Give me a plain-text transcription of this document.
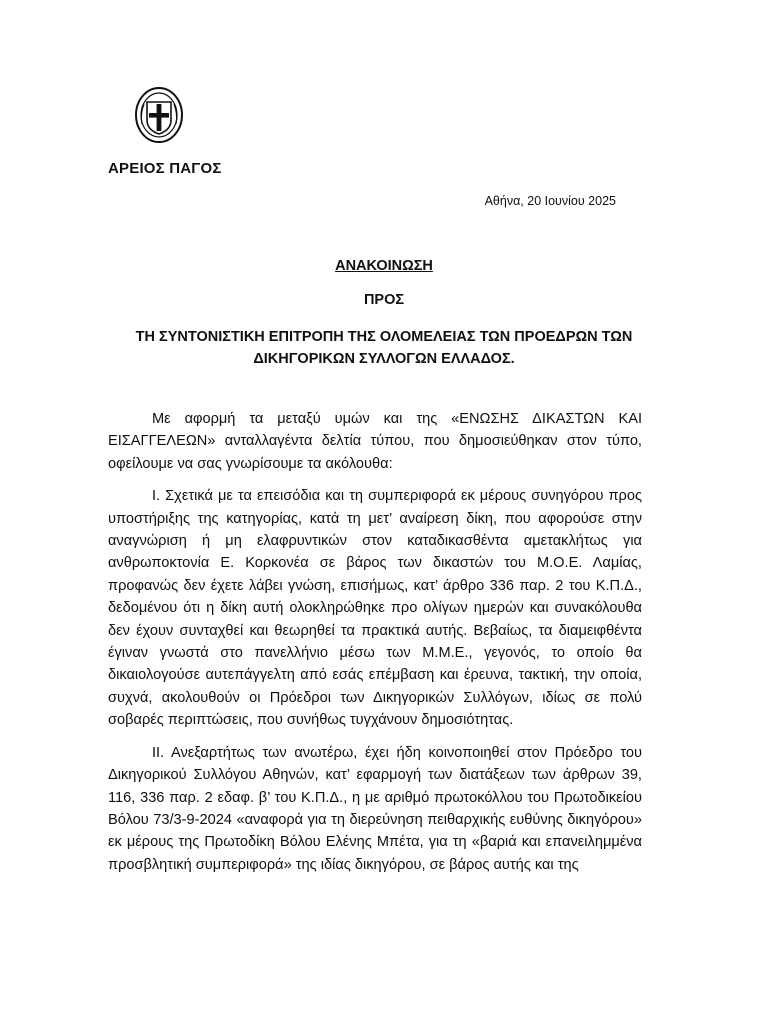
ΑΡΕΙΟΣ ΠΑΓΟΣ
Αθήνα, 20 Ιουνίου 2025
ΑΝΑΚΟΙΝΩΣΗ
ΠΡΟΣ
ΤΗ ΣΥΝΤΟΝΙΣΤΙΚΗ ΕΠΙΤΡΟΠΗ ΤΗΣ ΟΛΟΜΕΛΕΙΑΣ ΤΩΝ ΠΡΟΕΔΡΩΝ ΤΩΝ
ΔΙΚΗΓΟΡΙΚΩΝ ΣΥΛΛΟΓΩΝ ΕΛΛΑΔΟΣ.

Με αφορμή τα μεταξύ υμών και της «ΕΝΩΣΗΣ ΔΙΚΑΣΤΩΝ ΚΑΙ ΕΙΣΑΓΓΕΛΕΩΝ» ανταλλαγέντα δελτία τύπου, που δημοσιεύθηκαν στον τύπο, οφείλουμε να σας γνωρίσουμε τα ακόλουθα:

Ι. Σχετικά με τα επεισόδια και τη συμπεριφορά εκ μέρους συνηγόρου προς υποστήριξης της κατηγορίας, κατά τη μετ’ αναίρεση δίκη, που αφορούσε στην αναγνώριση ή μη ελαφρυντικών στον καταδικασθέντα αμετακλήτως για ανθρωποκτονία Ε. Κορκονέα σε βάρος των δικαστών του Μ.Ο.Ε. Λαμίας, προφανώς δεν έχετε λάβει γνώση, επισήμως, κατ’ άρθρο 336 παρ. 2 του Κ.Π.Δ., δεδομένου ότι η δίκη αυτή ολοκληρώθηκε προ ολίγων ημερών και συνακόλουθα δεν έχουν συνταχθεί και θεωρηθεί τα πρακτικά αυτής. Βεβαίως, τα διαμειφθέντα έγιναν γνωστά στο πανελλήνιο μέσω των Μ.Μ.Ε., γεγονός, το οποίο θα δικαιολογούσε αυτεπάγγελτη από εσάς επέμβαση και έρευνα, τακτική, την οποία, συχνά, ακολουθούν οι Πρόεδροι των Δικηγορικών Συλλόγων, ιδίως σε πολύ σοβαρές περιπτώσεις, που συνήθως τυγχάνουν δημοσιότητας.

ΙΙ. Ανεξαρτήτως των ανωτέρω, έχει ήδη κοινοποιηθεί στον Πρόεδρο του Δικηγορικού Συλλόγου Αθηνών, κατ’ εφαρμογή των διατάξεων των άρθρων 39, 116, 336 παρ. 2 εδαφ. β’ του Κ.Π.Δ., η με αριθμό πρωτοκόλλου του Πρωτοδικείου Βόλου 73/3-9-2024 «αναφορά για τη διερεύνηση πειθαρχικής ευθύνης δικηγόρου» εκ μέρους της Πρωτοδίκη Βόλου Ελένης Μπέτα, για τη «βαριά και επανειλημμένα προσβλητική συμπεριφορά» της ιδίας δικηγόρου, σε βάρος αυτής και της
